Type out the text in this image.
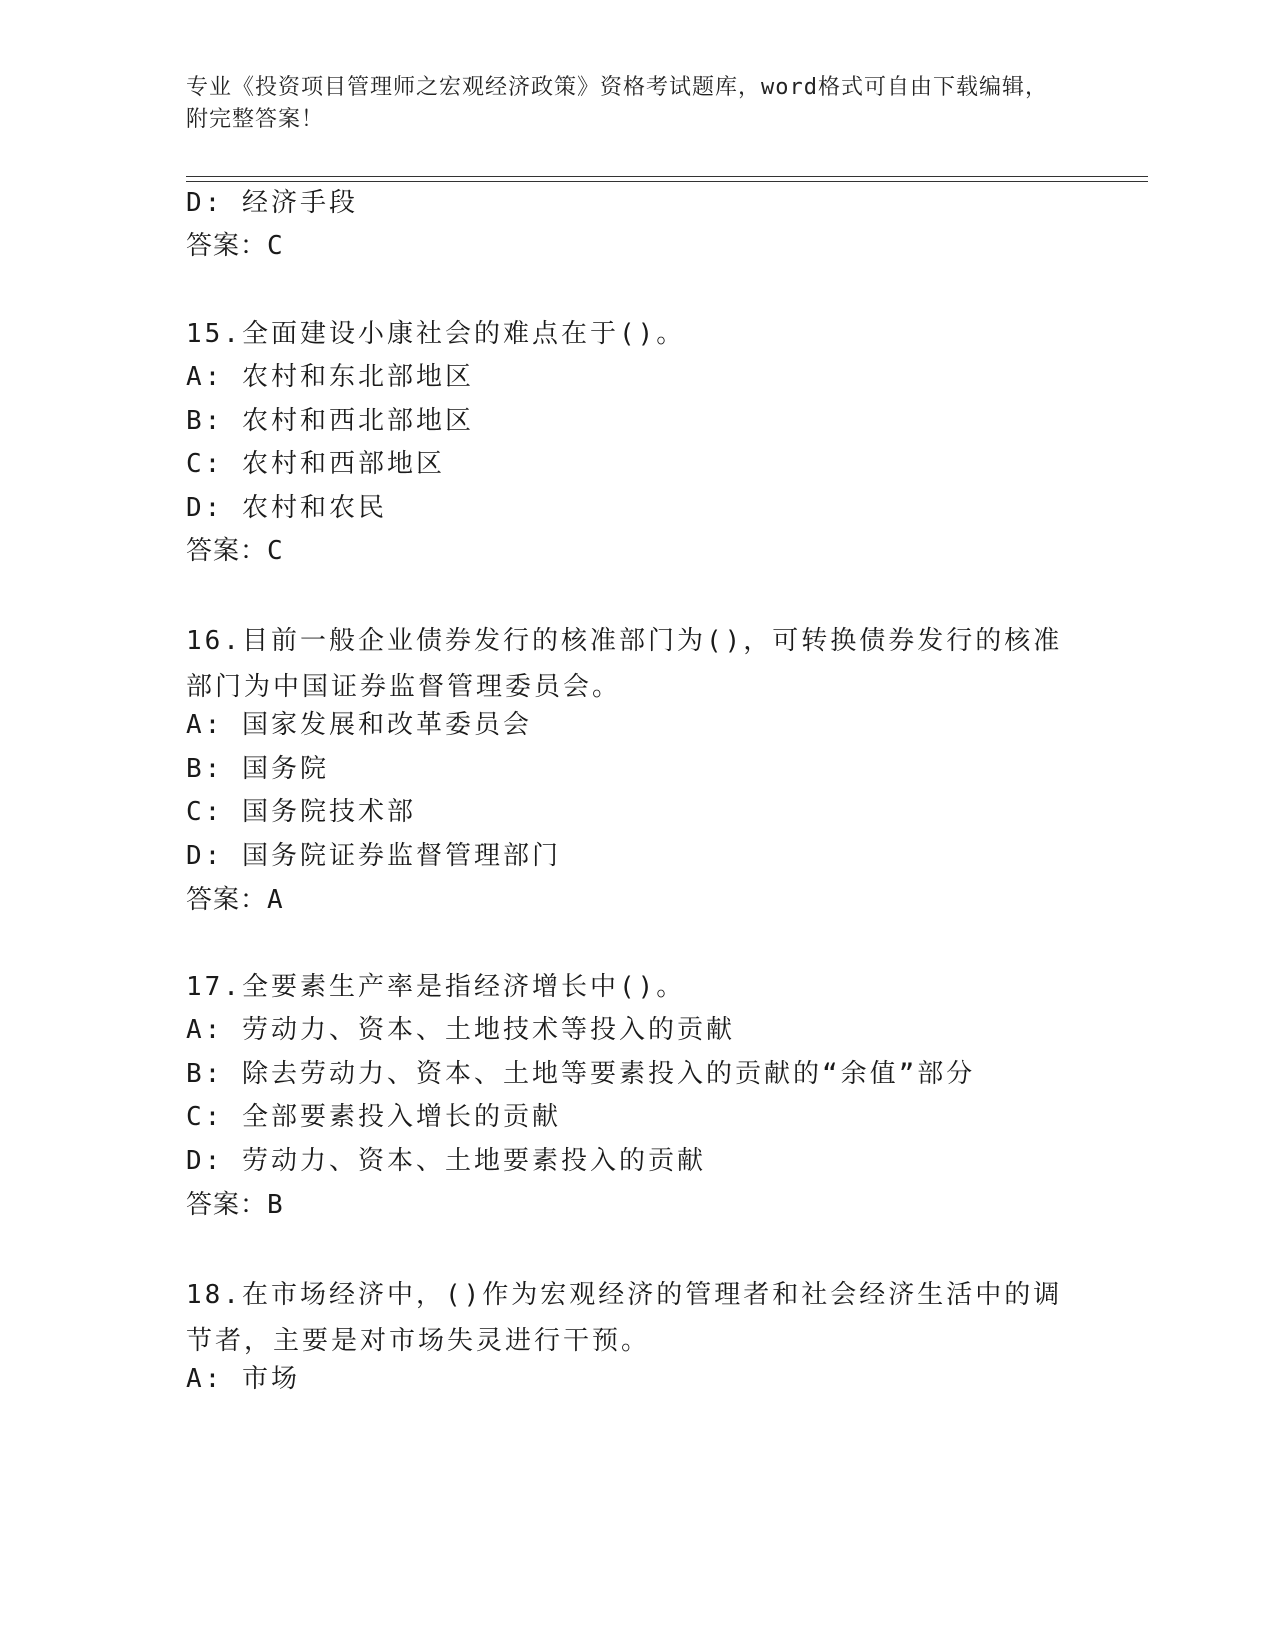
专业《投资项目管理师之宏观经济政策》资格考试题库，word格式可自由下载编辑，附完整答案！
D: 经济手段
答案：C
15.全面建设小康社会的难点在于()。
A: 农村和东北部地区
B: 农村和西北部地区
C: 农村和西部地区
D: 农村和农民
答案：C
16.目前一般企业债券发行的核准部门为()，可转换债券发行的核准部门为中国证券监督管理委员会。
A: 国家发展和改革委员会
B: 国务院
C: 国务院技术部
D: 国务院证券监督管理部门
答案：A
17.全要素生产率是指经济增长中()。
A: 劳动力、资本、土地技术等投入的贡献
B: 除去劳动力、资本、土地等要素投入的贡献的“余值”部分
C: 全部要素投入增长的贡献
D: 劳动力、资本、土地要素投入的贡献
答案：B
18.在市场经济中，()作为宏观经济的管理者和社会经济生活中的调节者，主要是对市场失灵进行干预。
A: 市场
